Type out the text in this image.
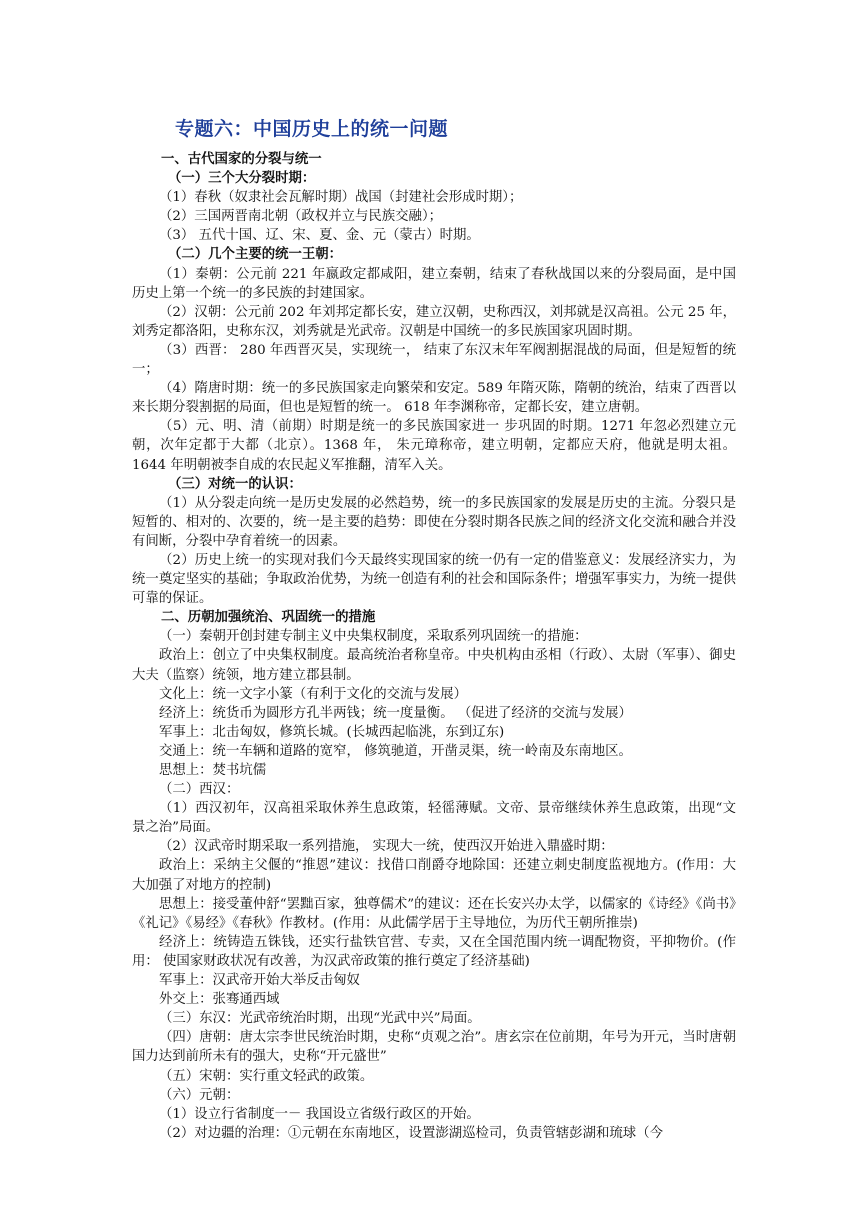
专题六：中国历史上的统一问题

一、古代国家的分裂与统一

（一）三个大分裂时期：

（1）春秋（奴隶社会瓦解时期）战国（封建社会形成时期）；

（2）三国两晋南北朝（政权并立与民族交融）；

（3） 五代十国、辽、宋、夏、金、元（蒙古）时期。

（二）几个主要的统一王朝：

（1）秦朝：公元前 221 年嬴政定都咸阳，建立秦朝，结束了春秋战国以来的分裂局面，是中国历史上第一个统一的多民族的封建国家。

（2）汉朝：公元前 202 年刘邦定都长安，建立汉朝，史称西汉，刘邦就是汉高祖。公元 25 年，刘秀定都洛阳，史称东汉，刘秀就是光武帝。汉朝是中国统一的多民族国家巩固时期。

（3）西晋： 280 年西晋灭吴，实现统一， 结束了东汉末年军阀割据混战的局面，但是短暂的统一；

（4）隋唐时期：统一的多民族国家走向繁荣和安定。589 年隋灭陈，隋朝的统治，结束了西晋以来长期分裂割据的局面，但也是短暂的统一。 618 年李渊称帝，定都长安，建立唐朝。

（5）元、明、清（前期）时期是统一的多民族国家进一 步巩固的时期。1271 年忽必烈建立元朝，次年定都于大都（北京）。1368 年， 朱元璋称帝，建立明朝，定都应天府，他就是明太祖。1644 年明朝被李自成的农民起义军推翻，清军入关。

（三）对统一的认识：

（1）从分裂走向统一是历史发展的必然趋势，统一的多民族国家的发展是历史的主流。分裂只是短暂的、相对的、次要的，统一是主要的趋势：即使在分裂时期各民族之间的经济文化交流和融合并没有间断，分裂中孕育着统一的因素。

（2）历史上统一的实现对我们今天最终实现国家的统一仍有一定的借鉴意义：发展经济实力，为统一奠定坚实的基础；争取政治优势，为统一创造有利的社会和国际条件；增强军事实力，为统一提供可靠的保证。

二、历朝加强统治、巩固统一的措施

（一）秦朝开创封建专制主义中央集权制度，采取系列巩固统一的措施：

政治上：创立了中央集权制度。最高统治者称皇帝。中央机构由丞相（行政）、太尉（军事）、御史大夫（监察）统领，地方建立郡县制。

文化上：统一文字小篆（有利于文化的交流与发展）

经济上：统货币为圆形方孔半两钱；统一度量衡。 （促进了经济的交流与发展）

军事上：北击匈奴，修筑长城。(长城西起临洮，东到辽东)

交通上：统一车辆和道路的宽窄， 修筑驰道，开凿灵渠，统一岭南及东南地区。

思想上：焚书坑儒

（二）西汉：

（1）西汉初年，汉高祖采取休养生息政策，轻徭薄赋。文帝、景帝继续休养生息政策，出现“文景之治”局面。

（2）汉武帝时期采取一系列措施， 实现大一统，使西汉开始进入鼎盛时期：

政治上：采纳主父偃的“推恩”建议：找借口削爵夺地除国：还建立刺史制度监视地方。(作用：大大加强了对地方的控制)

思想上：接受董仲舒“罢黜百家，独尊儒术”的建议：还在长安兴办太学，以儒家的《诗经》《尚书》《礼记》《易经》《春秋》作教材。(作用：从此儒学居于主导地位，为历代王朝所推崇)

经济上：统铸造五铢钱，还实行盐铁官营、专卖，又在全国范围内统一调配物资，平抑物价。(作用： 使国家财政状况有改善，为汉武帝政策的推行奠定了经济基础)

军事上：汉武帝开始大举反击匈奴

外交上：张骞通西域

（三）东汉：光武帝统治时期，出现“光武中兴”局面。

（四）唐朝：唐太宗李世民统治时期，史称“贞观之治”。唐玄宗在位前期，年号为开元，当时唐朝国力达到前所未有的强大，史称“开元盛世”

（五）宋朝：实行重文轻武的政策。

（六）元朝：

（1）设立行省制度一－ 我国设立省级行政区的开始。

（2）对边疆的治理：①元朝在东南地区，设置澎湖巡检司，负责管辖彭湖和琉球（今
